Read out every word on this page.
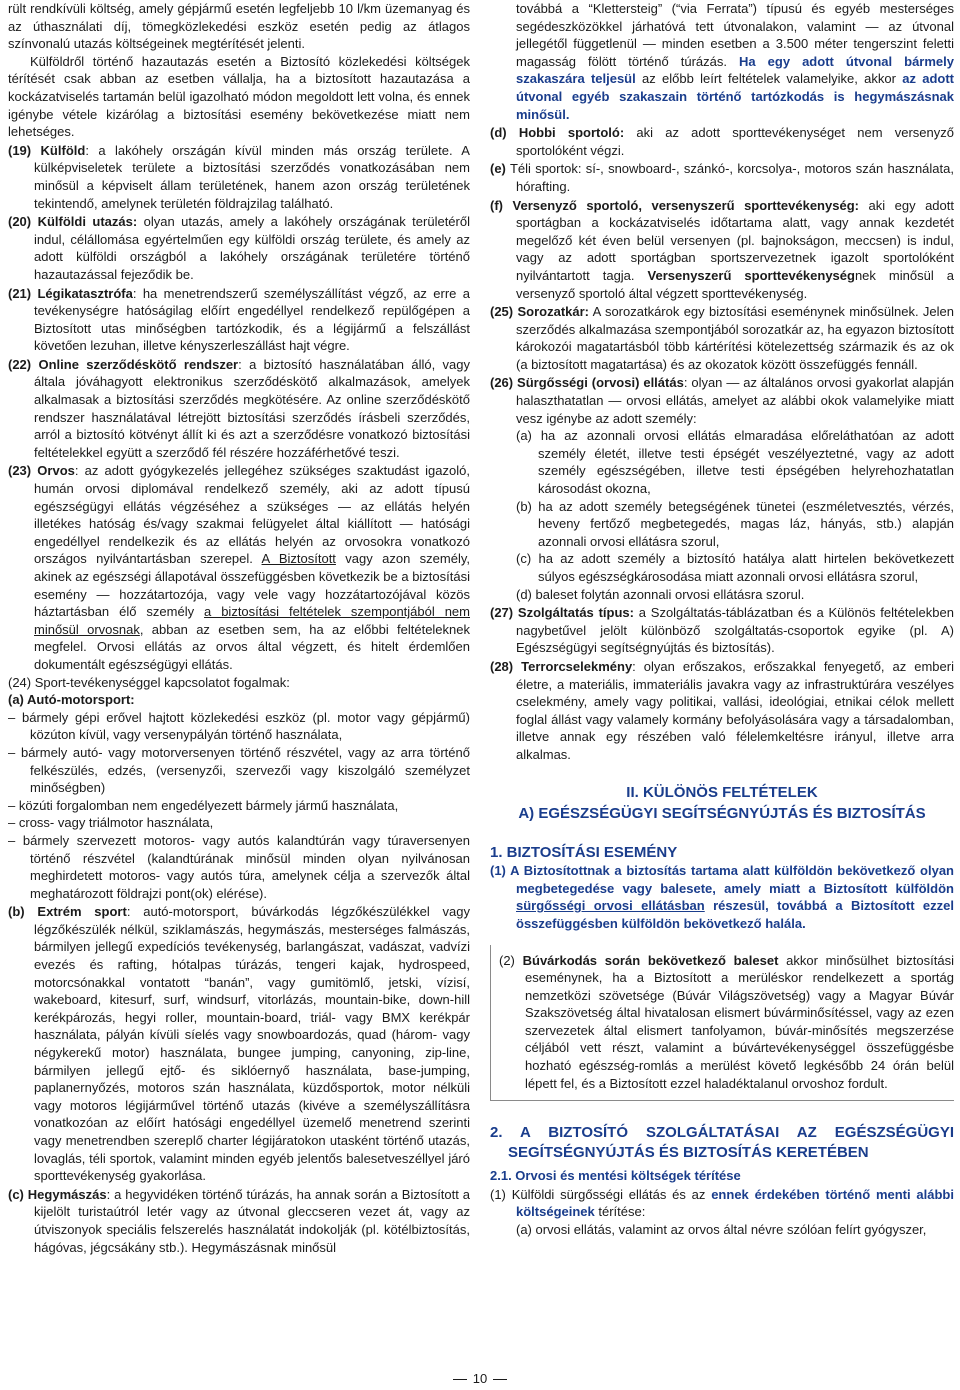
rült rendkívüli költség, amely gépjármű esetén legfeljebb 10 l/km üzemanyag és az úthasználati díj, tömegközlekedési eszköz esetén pedig az átlagos színvonalú utazás költségeinek megtérítését jelenti.

Külföldről történő hazautazás esetén a Biztosító közlekedési költségek térítését csak abban az esetben vállalja, ha a biztosított hazautazása a kockázatviselés tartamán belül igazolható módon megoldott lett volna, és ennek igénybe vétele kizárólag a biztosítási esemény bekövetkezése miatt nem lehetséges.

(19) Külföld: a lakóhely országán kívül minden más ország területe. A külképviseletek területe a biztosítási szerződés vonatkozásában nem minősül a képviselt állam területének, hanem azon ország területének tekintendő, amelynek területén földrajzilag található.

(20) Külföldi utazás: olyan utazás, amely a lakóhely országának területéről indul, célállomása egyértelműen egy külföldi ország területe, és amely az adott külföldi országból a lakóhely országának területére történő hazautazással fejeződik be.

(21) Légikatasztrófa: ha menetrendszerű személyszállítást végző, az erre a tevékenységre hatóságilag előírt engedéllyel rendelkező repülőgépen a Biztosított utas minőségben tartózkodik, és a légijármű a felszállást követően lezuhan, illetve kényszerleszállást hajt végre.

(22) Online szerződéskötő rendszer: a biztosító használatában álló, vagy általa jóváhagyott elektronikus szerződéskötő alkalmazások, amelyek alkalmasak a biztosítási szerződés megkötésére. Az online szerződéskötő rendszer használatával létrejött biztosítási szerződés írásbeli szerződés, arról a biztosító kötvényt állít ki és azt a szerződésre vonatkozó biztosítási feltételekkel együtt a szerződő fél részére hozzáférhetővé teszi.

(23) Orvos: az adott gyógykezelés jellegéhez szükséges szaktudást igazoló, humán orvosi diplomával rendelkező személy, aki az adott típusú egészségügyi ellátás végzéséhez a szükséges — az ellátás helyén illetékes hatóság és/vagy szakmai felügyelet által kiállított — hatósági engedéllyel rendelkezik és az ellátás helyén az orvosokra vonatkozó országos nyilvántartásban szerepel. A Biztosított vagy azon személy, akinek az egészségi állapotával összefüggésben következik be a biztosítási esemény — hozzátartozója, vagy vele vagy hozzátartozójával közös háztartásban élő személy a biztosítási feltételek szempontjából nem minősül orvosnak, abban az esetben sem, ha az előbbi feltételeknek megfelel. Orvosi ellátás az orvos által végzett, és hitelt érdemlően dokumentált egészségügyi ellátás.

(24) Sport-tevékenységgel kapcsolatot fogalmak:

(a) Autó-motorsport:

– bármely gépi erővel hajtott közlekedési eszköz (pl. motor vagy gépjármű) közúton kívül, vagy versenypályán történő használata,

– bármely autó- vagy motorversenyen történő részvétel, vagy az arra történő felkészülés, edzés, (versenyzői, szervezői vagy kiszolgáló személyzet minőségben)

– közúti forgalomban nem engedélyezett bármely jármű használata,

– cross- vagy triálmotor használata,

– bármely szervezett motoros- vagy autós kalandtúrán vagy túraversenyen történő részvétel (kalandtúrának minősül minden olyan nyilvánosan meghirdetett motoros- vagy autós túra, amelynek célja a szervezők által meghatározott földrajzi pont(ok) elérése).

(b) Extrém sport: autó-motorsport, búvárkodás légzőkészülékkel vagy légzőkészülék nélkül, sziklamászás, hegymászás, mesterséges falmászás, bármilyen jellegű expedíciós tevékenység, barlangászat, vadászat, vadvízi evezés és rafting, hótalpas túrázás, tengeri kajak, hydrospeed, motorcsónakkal vontatott “banán”, vagy gumitömlő, jetski, vízisí, wakeboard, kitesurf, surf, windsurf, vitorlázás, mountain-bike, down-hill kerékpározás, hegyi roller, mountain-board, triál- vagy BMX kerékpár használata, pályán kívüli síelés vagy snowboardozás, quad (három- vagy négykerekű motor) használata, bungee jumping, canyoning, zip-line, bármilyen jellegű ejtő- és siklóernyő használata, base-jumping, paplanernyőzés, motoros szán használata, küzdősportok, motor nélküli vagy motoros légijárművel történő utazás (kivéve a személyszállításra vonatkozóan az előírt hatósági engedéllyel üzemelő menetrend szerinti vagy menetrendben szereplő charter légijáratokon utasként történő utazás, lovaglás, téli sportok, valamint minden egyéb jelentős balesetveszéllyel járó sporttevékenység gyakorlása.

(c) Hegymászás: a hegyvidéken történő túrázás, ha annak során a Biztosított a kijelölt turistaútról letér vagy az útvonal gleccseren vezet át, vagy az útviszonyok speciális felszerelés használatát indokolják (pl. kötélbiztosítás, hágóvas, jégcsákány stb.). Hegymászásnak minősül

továbbá a “Klettersteig” (“via Ferrata”) típusú és egyéb mesterséges segédeszközökkel járhatóvá tett útvonalakon, valamint — az útvonal jellegétől függetlenül — minden esetben a 3.500 méter tengerszint feletti magasság fölött történő túrázás. Ha egy adott útvonal bármely szakaszára teljesül az előbb leírt feltételek valamelyike, akkor az adott útvonal egyéb szakaszain történő tartózkodás is hegymászásnak minősül.

(d) Hobbi sportoló: aki az adott sporttevékenységet nem versenyző sportolóként végzi.

(e) Téli sportok: sí-, snowboard-, szánkó-, korcsolya-, motoros szán használata, hórafting.

(f) Versenyző sportoló, versenyszerű sporttevékenység: aki egy adott sportágban a kockázatviselés időtartama alatt, vagy annak kezdetét megelőző két éven belül versenyen (pl. bajnokságon, meccsen) is indul, vagy az adott sportágban sportszervezetnek igazolt sportolóként nyilvántartott tagja. Versenyszerű sporttevékenységnek minősül a versenyző sportoló által végzett sporttevékenység.

(25) Sorozatkár: A sorozatkárok egy biztosítási eseménynek minősülnek. Jelen szerződés alkalmazása szempontjából sorozatkár az, ha egyazon biztosított károkozói magatartásból több kártérítési kötelezettség származik és az ok (a biztosított magatartása) és az okozatok között összefüggés fennáll.

(26) Sürgősségi (orvosi) ellátás: olyan — az általános orvosi gyakorlat alapján halaszthatatlan — orvosi ellátás, amelyet az alábbi okok valamelyike miatt vesz igénybe az adott személy:

(a) ha az azonnali orvosi ellátás elmaradása előreláthatóan az adott személy életét, illetve testi épségét veszélyeztetné, vagy az adott személy egészségében, illetve testi épségében helyrehozhatatlan károsodást okozna,

(b) ha az adott személy betegségének tünetei (eszméletvesztés, vérzés, heveny fertőző megbetegedés, magas láz, hányás, stb.) alapján azonnali orvosi ellátásra szorul,

(c) ha az adott személy a biztosító hatálya alatt hirtelen bekövetkezett súlyos egészségkárosodása miatt azonnali orvosi ellátásra szorul,

(d) baleset folytán azonnali orvosi ellátásra szorul.

(27) Szolgáltatás típus: a Szolgáltatás-táblázatban és a Különös feltételekben nagybetűvel jelölt különböző szolgáltatás-csoportok egyike (pl. A) Egészségügyi segítségnyújtás és biztosítás).

(28) Terrorcselekmény: olyan erőszakos, erőszakkal fenyegető, az emberi életre, a materiális, immateriális javakra vagy az infrastruktúrára veszélyes cselekmény, amely vagy politikai, vallási, ideológiai, etnikai célok mellett foglal állást vagy valamely kormány befolyásolására vagy a társadalomban, illetve annak egy részében való félelemkeltésre irányul, illetve arra alkalmas.

II. KÜLÖNÖS FELTÉTELEK
A) EGÉSZSÉGÜGYI SEGÍTSÉGNYÚJTÁS ÉS BIZTOSÍTÁS

1. BIZTOSÍTÁSI ESEMÉNY

(1) A Biztosítottnak a biztosítás tartama alatt külföldön bekövetkező olyan megbetegedése vagy balesete, amely miatt a Biztosított külföldön sürgősségi orvosi ellátásban részesül, továbbá a Biztosított ezzel összefüggésben külföldön bekövetkező halála.

(2) Búvárkodás során bekövetkező baleset akkor minősülhet biztosítási eseménynek, ha a Biztosított a merüléskor rendelkezett a sportág nemzetközi szövetsége (Búvár Világszövetség) vagy a Magyar Búvár Szakszövetség által hivatalosan elismert búvárminősítéssel, vagy az ezen szervezetek által elismert tanfolyamon, búvár-minősítés megszerzése céljából vett részt, valamint a búvártevékenységgel összefüggésbe hozható egészség-romlás a merülést követő legkésőbb 24 órán belül lépett fel, és a Biztosított ezzel haladéktalanul orvoshoz fordult.

2. A BIZTOSÍTÓ SZOLGÁLTATÁSAI AZ EGÉSZSÉGÜGYI SEGÍTSÉGNYÚJTÁS ÉS BIZTOSÍTÁS KERETÉBEN

2.1. Orvosi és mentési költségek térítése

(1) Külföldi sürgősségi ellátás és az ennek érdekében történő menti alábbi költségeinek térítése:

(a) orvosi ellátás, valamint az orvos által névre szólóan felírt gyógyszer,

10
